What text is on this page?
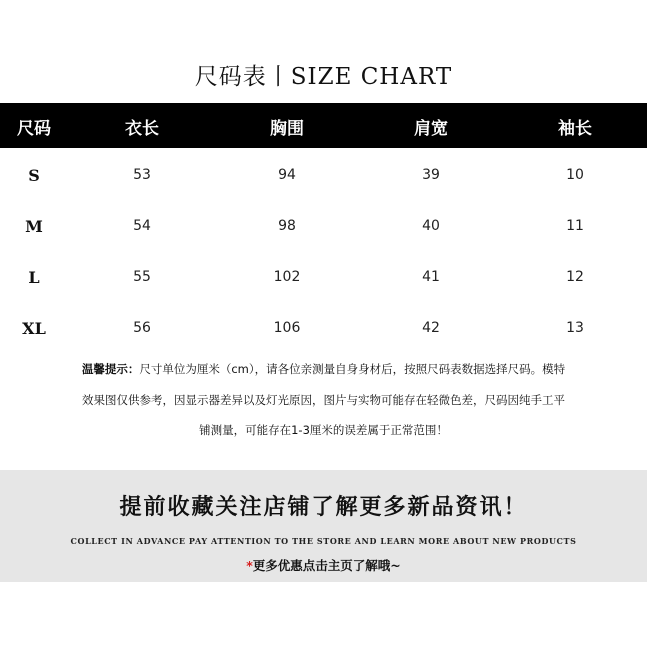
尺码表丨SIZE CHART
尺码	衣长	胸围	肩宽	袖长
S	53	94	39	10
M	54	98	40	11
L	55	102	41	12
XL	56	106	42	13
温馨提示：尺寸单位为厘米（cm），请各位亲测量自身身材后，按照尺码表数据选择尺码。模特
效果图仅供参考，因显示器差异以及灯光原因，图片与实物可能存在轻微色差，尺码因纯手工平
铺测量，可能存在1-3厘米的误差属于正常范围！
提前收藏关注店铺了解更多新品资讯！
COLLECT IN ADVANCE PAY ATTENTION TO THE STORE AND LEARN MORE ABOUT NEW PRODUCTS
*更多优惠点击主页了解哦~
